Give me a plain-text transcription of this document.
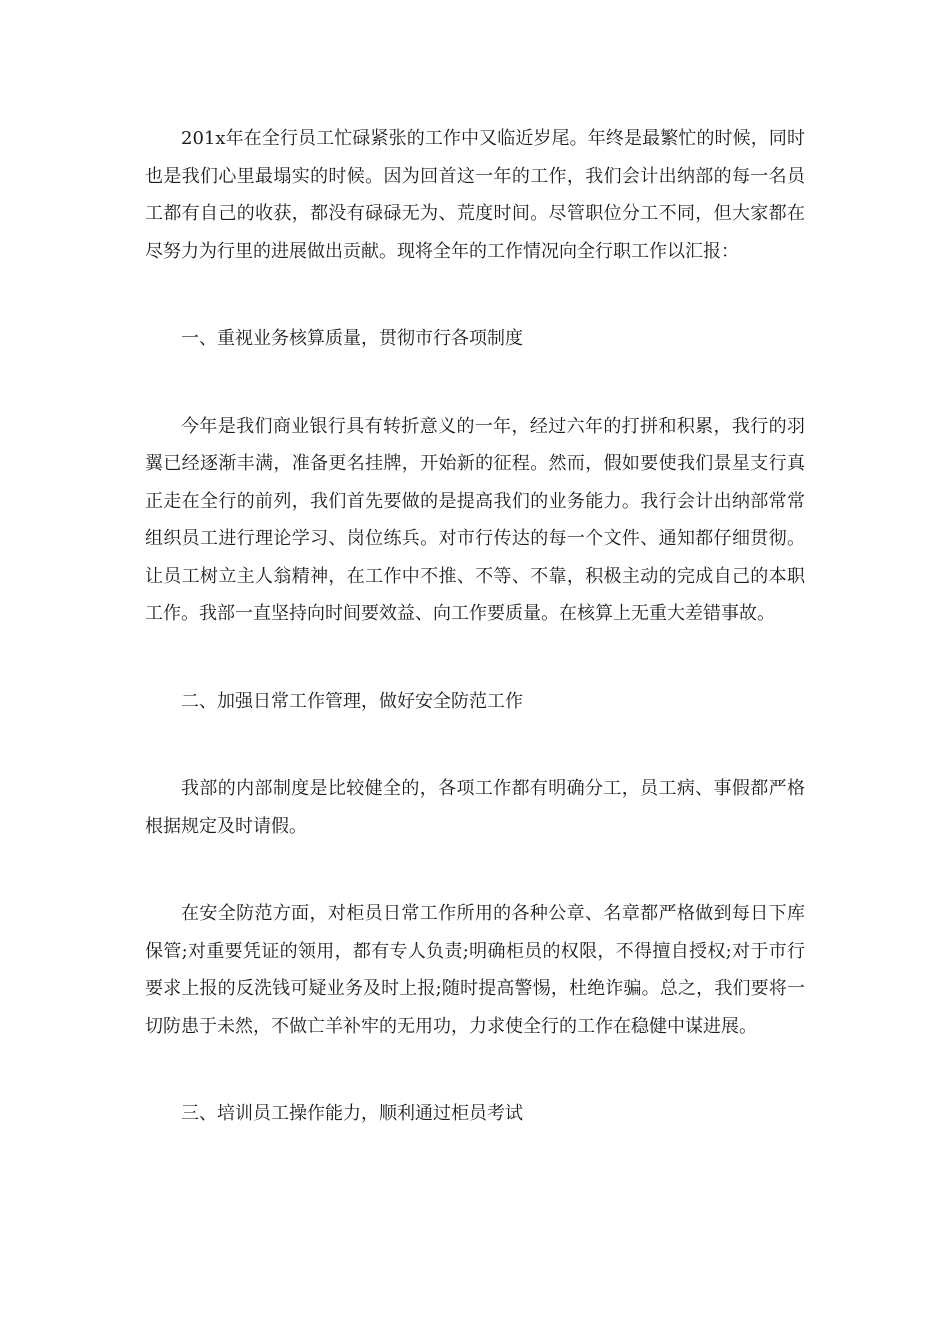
201x年在全行员工忙碌紧张的工作中又临近岁尾。年终是最繁忙的时候，同时也是我们心里最塌实的时候。因为回首这一年的工作，我们会计出纳部的每一名员工都有自己的收获，都没有碌碌无为、荒度时间。尽管职位分工不同，但大家都在尽努力为行里的进展做出贡献。现将全年的工作情况向全行职工作以汇报：

一、重视业务核算质量，贯彻市行各项制度

今年是我们商业银行具有转折意义的一年，经过六年的打拼和积累，我行的羽翼已经逐渐丰满，准备更名挂牌，开始新的征程。然而，假如要使我们景星支行真正走在全行的前列，我们首先要做的是提高我们的业务能力。我行会计出纳部常常组织员工进行理论学习、岗位练兵。对市行传达的每一个文件、通知都仔细贯彻。让员工树立主人翁精神，在工作中不推、不等、不靠，积极主动的完成自己的本职工作。我部一直坚持向时间要效益、向工作要质量。在核算上无重大差错事故。

二、加强日常工作管理，做好安全防范工作

我部的内部制度是比较健全的，各项工作都有明确分工，员工病、事假都严格根据规定及时请假。

在安全防范方面，对柜员日常工作所用的各种公章、名章都严格做到每日下库保管;对重要凭证的领用，都有专人负责;明确柜员的权限，不得擅自授权;对于市行要求上报的反洗钱可疑业务及时上报;随时提高警惕，杜绝诈骗。总之，我们要将一切防患于未然，不做亡羊补牢的无用功，力求使全行的工作在稳健中谋进展。

三、培训员工操作能力，顺利通过柜员考试
